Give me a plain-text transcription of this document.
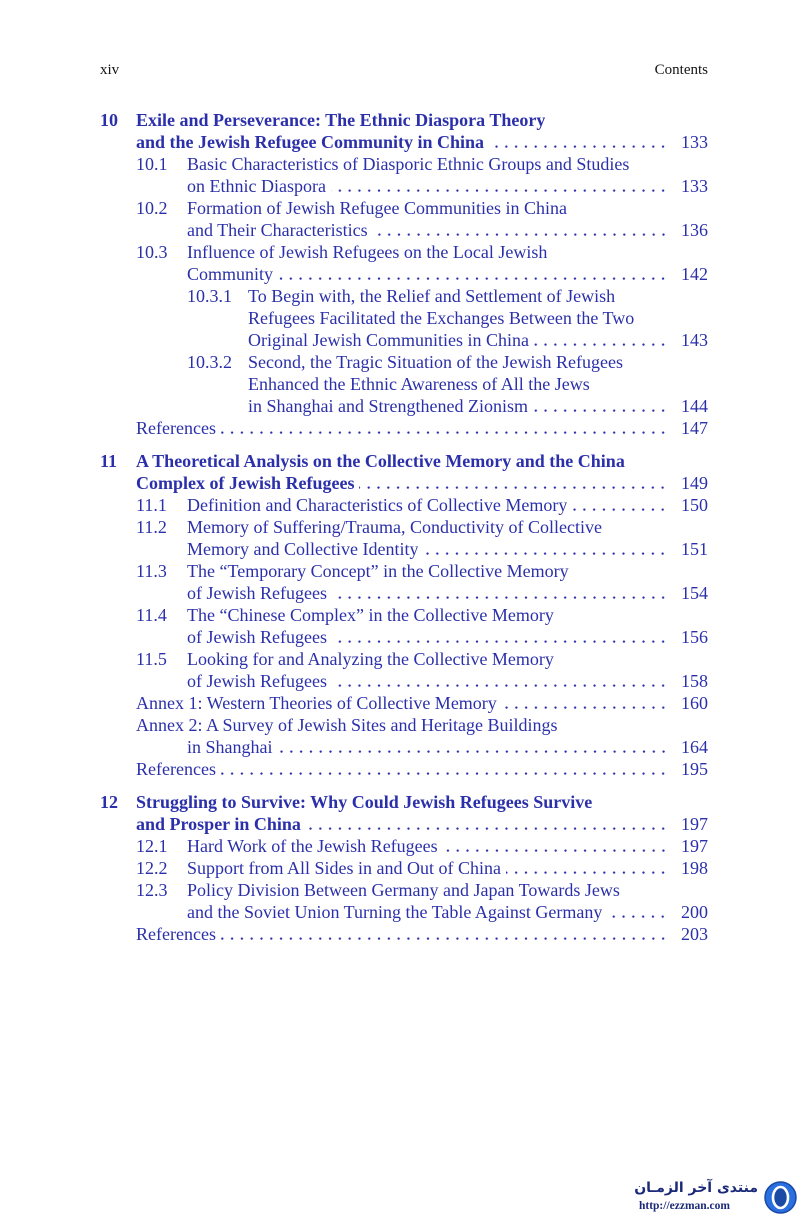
xiv	Contents
10	Exile and Perseverance: The Ethnic Diaspora Theory
and the Jewish Refugee Community in China	133
10.1	Basic Characteristics of Diasporic Ethnic Groups and Studies
on Ethnic Diaspora	133
10.2	Formation of Jewish Refugee Communities in China
and Their Characteristics	136
10.3	Influence of Jewish Refugees on the Local Jewish
Community	142
10.3.1 To Begin with, the Relief and Settlement of Jewish
Refugees Facilitated the Exchanges Between the Two
Original Jewish Communities in China	143
10.3.2 Second, the Tragic Situation of the Jewish Refugees
Enhanced the Ethnic Awareness of All the Jews
in Shanghai and Strengthened Zionism	144
References	147
11	A Theoretical Analysis on the Collective Memory and the China
Complex of Jewish Refugees	149
11.1	Definition and Characteristics of Collective Memory	150
11.2	Memory of Suffering/Trauma, Conductivity of Collective
Memory and Collective Identity	151
11.3	The “Temporary Concept” in the Collective Memory
of Jewish Refugees	154
11.4	The “Chinese Complex” in the Collective Memory
of Jewish Refugees	156
11.5	Looking for and Analyzing the Collective Memory
of Jewish Refugees	158
Annex 1: Western Theories of Collective Memory	160
Annex 2: A Survey of Jewish Sites and Heritage Buildings
in Shanghai	164
References	195
12	Struggling to Survive: Why Could Jewish Refugees Survive
and Prosper in China	197
12.1	Hard Work of the Jewish Refugees	197
12.2	Support from All Sides in and Out of China	198
12.3	Policy Division Between Germany and Japan Towards Jews
and the Soviet Union Turning the Table Against Germany	200
References	203
منتدى آخر الزمـان
http://ezzman.com
